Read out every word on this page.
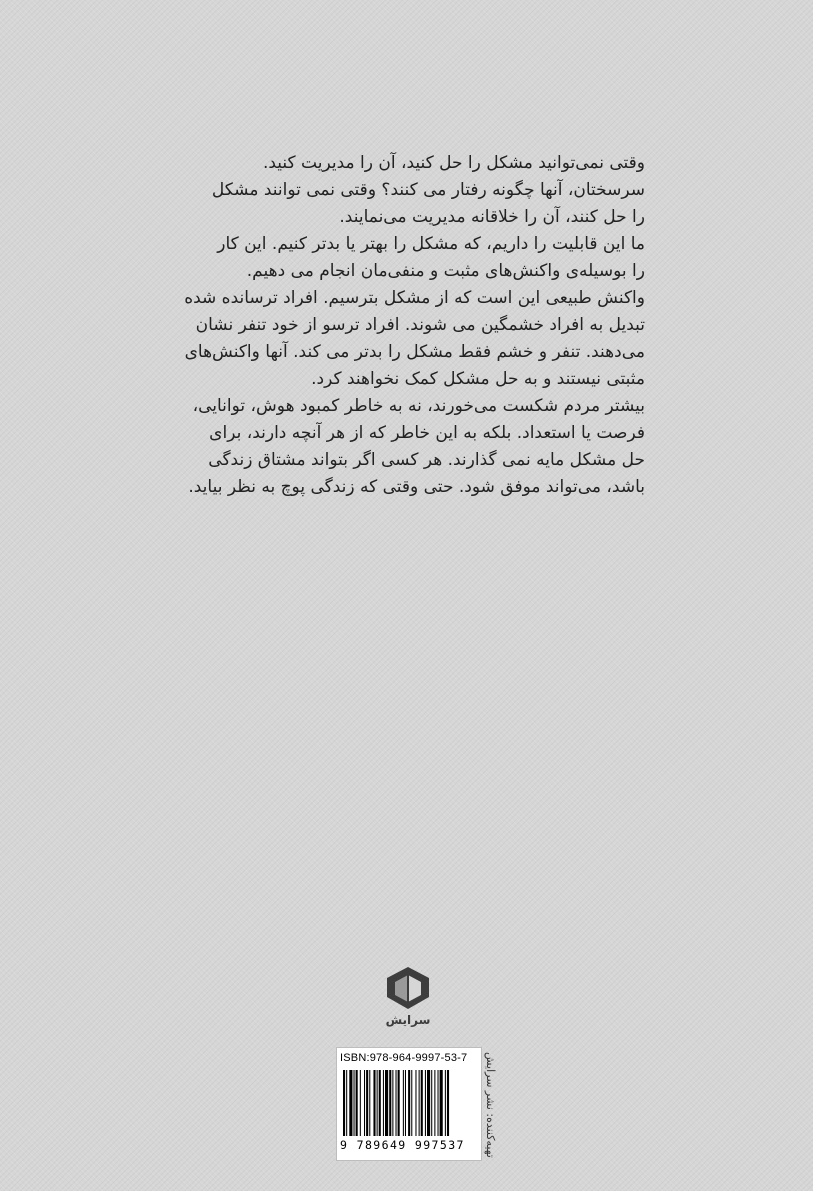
وقتی نمی‌توانید مشکل را حل کنید، آن را مدیریت کنید.
سرسختان، آنها چگونه رفتار می کنند؟ وقتی نمی توانند مشکل
را حل کنند، آن را خلاقانه مدیریت می‌نمایند.
ما این قابلیت را داریم، که مشکل را بهتر یا بدتر کنیم. این کار
را بوسیله‌ی واکنش‌های مثبت و منفی‌مان انجام می دهیم.
واکنش طبیعی این است که از مشکل بترسیم. افراد ترسانده شده
تبدیل به افراد خشمگین می شوند. افراد ترسو از خود تنفر نشان
می‌دهند. تنفر و خشم فقط مشکل را بدتر می کند. آنها واکنش‌های
مثبتی نیستند و به حل مشکل کمک نخواهند کرد.
بیشتر مردم شکست می‌خورند، نه به خاطر کمبود هوش، توانایی،
فرصت یا استعداد. بلکه به این خاطر که از هر آنچه دارند، برای
حل مشکل مایه نمی گذارند. هر کسی اگر بتواند مشتاق زندگی
باشد، می‌تواند موفق شود. حتی وقتی که زندگی پوچ به نظر بیاید.
سرایش
ISBN:978-964-9997-53-7
9 789649 997537 تهیه‌کننده: نشر سرایش
